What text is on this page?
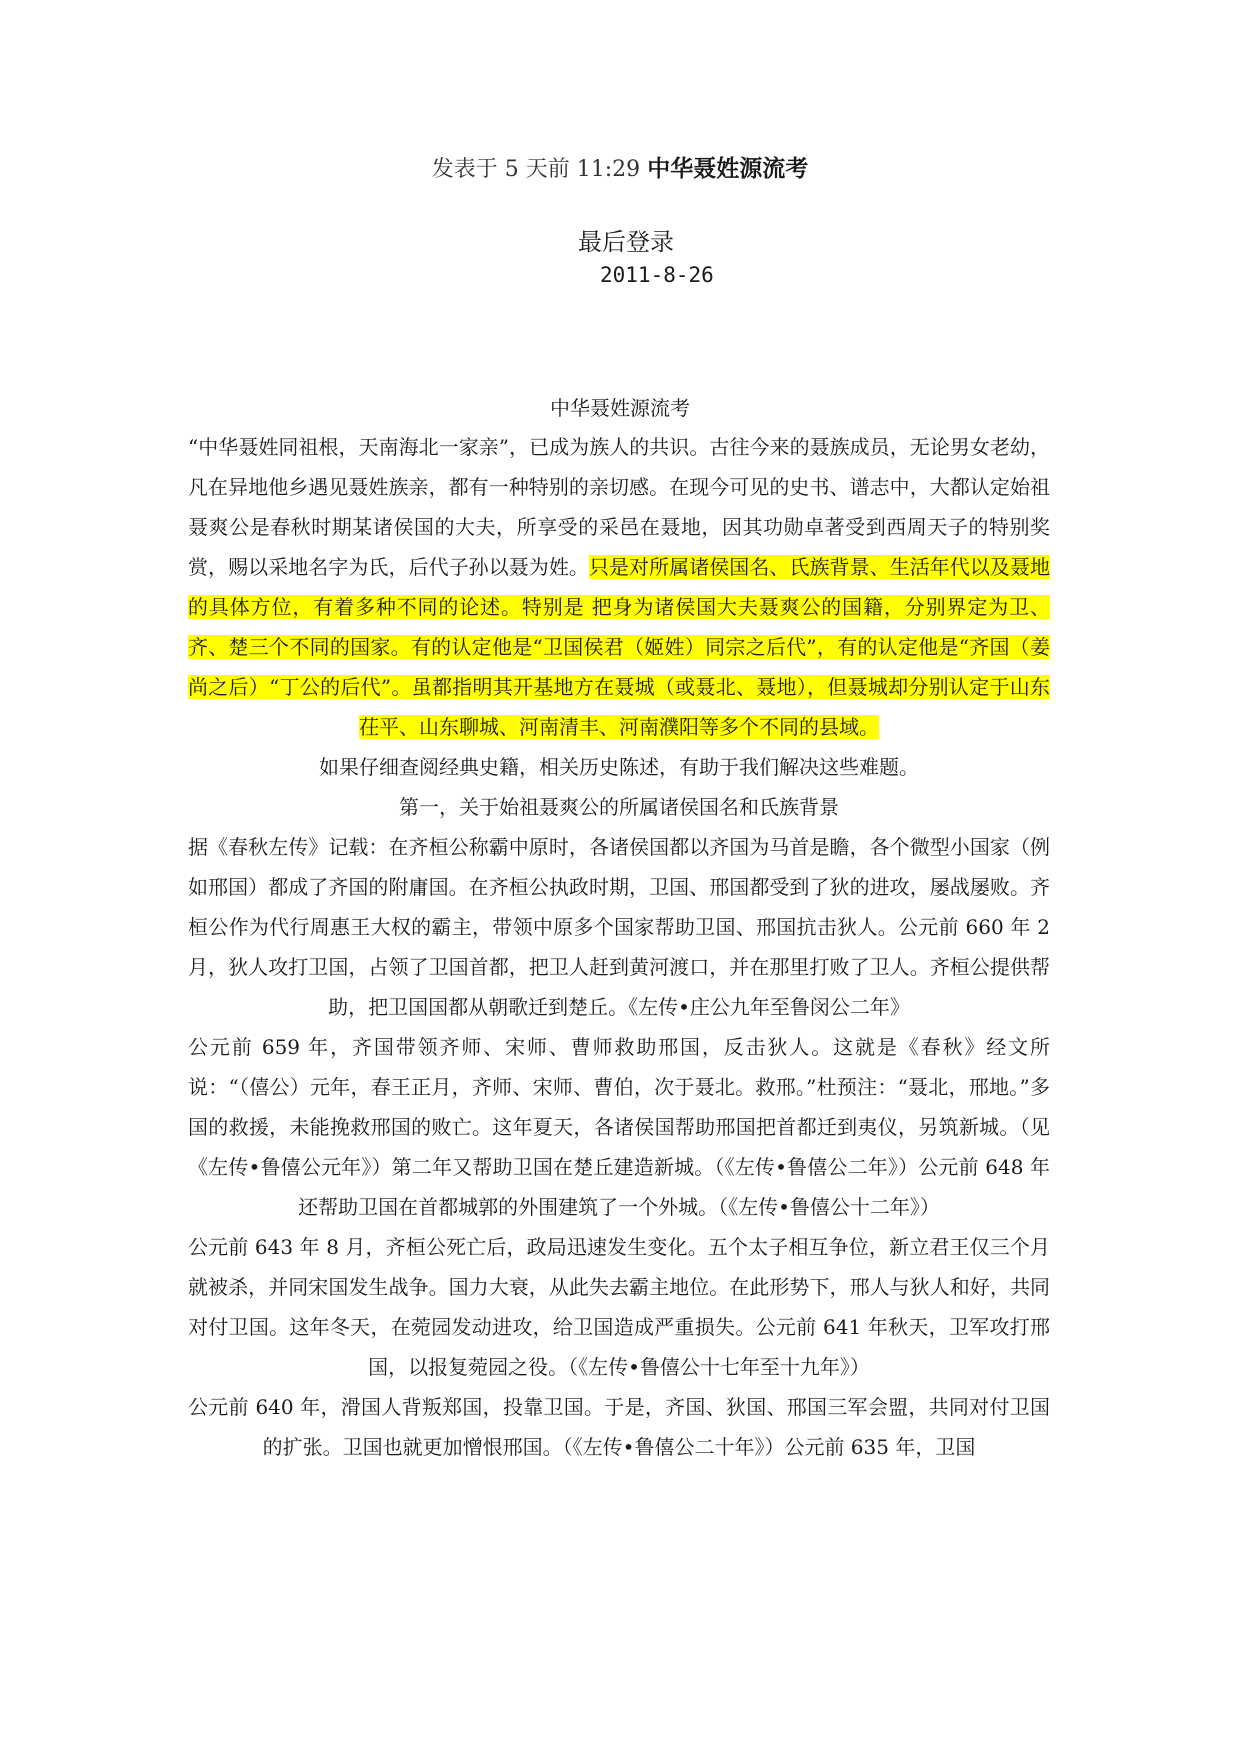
发表于 5 天前 11:29 中华聂姓源流考
最后登录
2011-8-26
中华聂姓源流考

“中华聂姓同祖根，天南海北一家亲”，已成为族人的共识。古往今来的聂族成员，无论男女老幼，凡在异地他乡遇见聂姓族亲，都有一种特别的亲切感。在现今可见的史书、谱志中，大都认定始祖聂爽公是春秋时期某诸侯国的大夫，所享受的采邑在聂地，因其功勋卓著受到西周天子的特别奖赏，赐以采地名字为氏，后代子孙以聂为姓。只是对所属诸侯国名、氏族背景、生活年代以及聂地的具体方位，有着多种不同的论述。特别是 把身为诸侯国大夫聂爽公的国籍，分别界定为卫、齐、楚三个不同的国家。有的认定他是“卫国侯君（姬姓）同宗之后代”，有的认定他是“齐国（姜尚之后）“丁公的后代”。虽都指明其开基地方在聂城（或聂北、聂地），但聂城却分别认定于山东茌平、山东聊城、河南清丰、河南濮阳等多个不同的县域。

如果仔细查阅经典史籍，相关历史陈述，有助于我们解决这些难题。

第一，关于始祖聂爽公的所属诸侯国名和氏族背景

据《春秋左传》记载：在齐桓公称霸中原时，各诸侯国都以齐国为马首是瞻，各个微型小国家（例如邢国）都成了齐国的附庸国。在齐桓公执政时期，卫国、邢国都受到了狄的进攻，屡战屡败。齐桓公作为代行周惠王大权的霸主，带领中原多个国家帮助卫国、邢国抗击狄人。公元前 660 年 2 月，狄人攻打卫国，占领了卫国首都，把卫人赶到黄河渡口，并在那里打败了卫人。齐桓公提供帮助，把卫国国都从朝歌迁到楚丘。《左传•庄公九年至鲁闵公二年》

公元前 659 年，齐国带领齐师、宋师、曹师救助邢国，反击狄人。这就是《春秋》经文所说：“（僖公）元年，春王正月，齐师、宋师、曹伯，次于聂北。救邢。”杜预注：“聂北，邢地。”多国的救援，未能挽救邢国的败亡。这年夏天，各诸侯国帮助邢国把首都迁到夷仪，另筑新城。（见《左传•鲁僖公元年》）第二年又帮助卫国在楚丘建造新城。（《左传•鲁僖公二年》）公元前 648 年还帮助卫国在首都城郭的外围建筑了一个外城。（《左传•鲁僖公十二年》）

公元前 643 年 8 月，齐桓公死亡后，政局迅速发生变化。五个太子相互争位，新立君王仅三个月就被杀，并同宋国发生战争。国力大衰，从此失去霸主地位。在此形势下，邢人与狄人和好，共同对付卫国。这年冬天，在菀园发动进攻，给卫国造成严重损失。公元前 641 年秋天，卫军攻打邢国，以报复菀园之役。（《左传•鲁僖公十七年至十九年》）

公元前 640 年，滑国人背叛郑国，投靠卫国。于是，齐国、狄国、邢国三军会盟，共同对付卫国的扩张。卫国也就更加憎恨邢国。（《左传•鲁僖公二十年》）公元前 635 年，卫国
